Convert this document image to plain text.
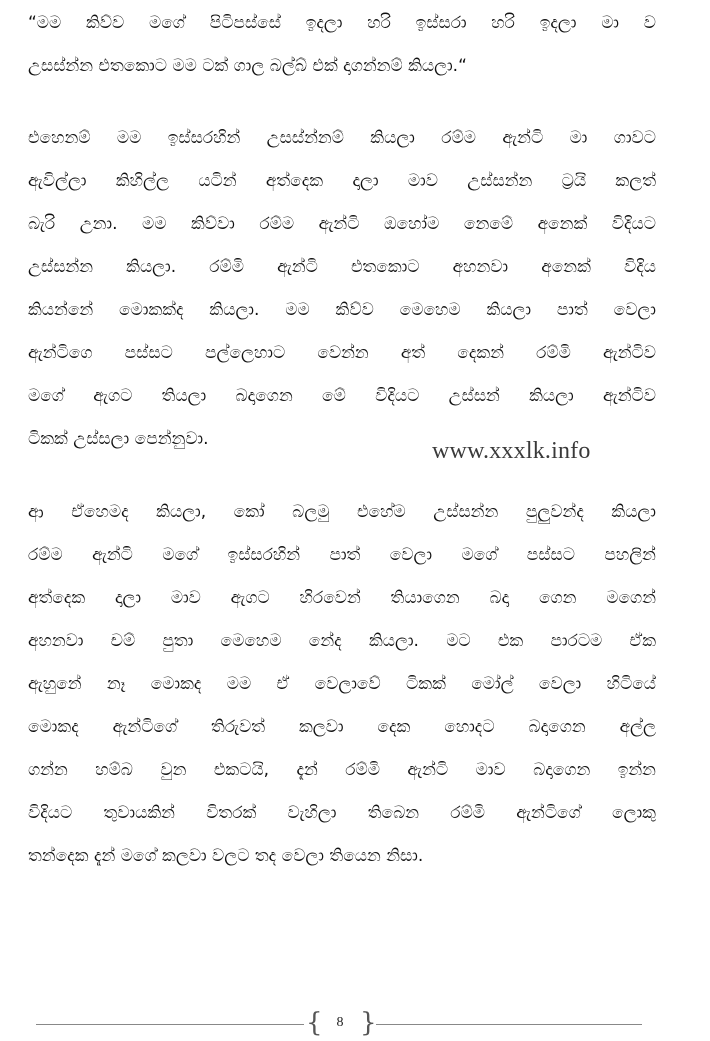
“මම කිව්ව මගේ පිටිපස්සේ ඉදලා හරි ඉස්සරා හරි ඉදලා මා ව
උසස්න්න එතකොට මම ටක් ගාල බල්බ් එක් දාගන්නම් කියලා.“
එහෙනම් මම ඉස්සරහින් උසස්න්නම් කියලා රම්ම ඇන්ටි මා ගාවට
ඇවිල්ලා කිහිල්ල යටින් අත්දෙක දාලා මාව උස්සන්න ට්‍රයි කලත්
බැරි උනා. මම කිව්වා රම්ම ඇන්ටි ඔහෝම නෙමේ අනෙක් විදියට
උස්සන්න කියලා. රම්මි ඇන්ටි එතකොට අහනවා අනෙක් විදිය
කියන්නේ මොකක්ද කියලා. මම කිව්ව මෙහෙම කියලා පාත් වෙලා
ඇන්ටිගෙ පස්සට පල්ලෙහාට වෙන්න අත් දෙකන් රම්මි ඇන්ටිව
මගේ ඇගට තියලා බදාගෙන මේ විදියට උස්සන් කියලා ඇන්ටිව
ටිකක් උස්සලා පෙන්නුවා.	www.xxxlk.info
ආ ඒහෙමද කියලා, කෝ බලමු එහේම උස්සන්න පුලුවන්ද කියලා
රම්ම ඇන්ටි මගේ ඉස්සරහින් පාත් වෙලා මගේ පස්සට පහලින්
අත්දෙක දාලා මාව ඇගට හිරවෙන් තියාගෙන බදා ගෙන මගෙන්
අහනවා චම් පුතා මෙහෙම නේද කියලා. මට එක පාරටම ඒක
ඇහුනේ නෑ මොකද මම ඒ වෙලාවේ ටිකක් මෝල් වෙලා හිටියේ
මොකද ඇන්ටිගේ තිරුවත් කලවා දෙක හොදට බදාගෙන අල්ල
ගන්න හම්බ වුන එකටයි, දැන් රම්මි ඇන්ටි මාව බදාගෙන ඉන්න
විදියට තුවායකින් විතරක් වැහිලා තිබෙන රම්මි ඇන්ටිගේ ලොකු
තන්දෙක දැන් මගේ කලවා වලට තද වෙලා තියෙන නිසා.
{ 8 }
